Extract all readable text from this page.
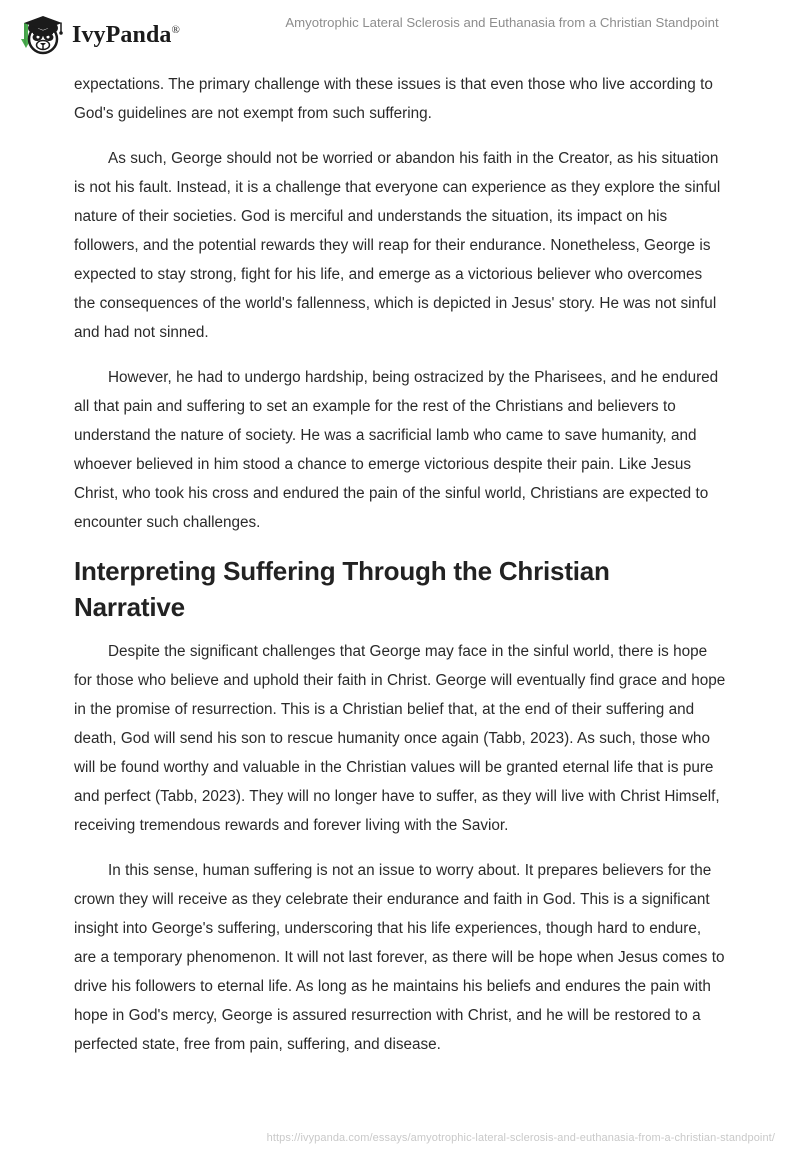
IvyPanda®	Amyotrophic Lateral Sclerosis and Euthanasia from a Christian Standpoint

expectations. The primary challenge with these issues is that even those who live according to God's guidelines are not exempt from such suffering.

As such, George should not be worried or abandon his faith in the Creator, as his situation is not his fault. Instead, it is a challenge that everyone can experience as they explore the sinful nature of their societies. God is merciful and understands the situation, its impact on his followers, and the potential rewards they will reap for their endurance. Nonetheless, George is expected to stay strong, fight for his life, and emerge as a victorious believer who overcomes the consequences of the world's fallenness, which is depicted in Jesus' story. He was not sinful and had not sinned.

However, he had to undergo hardship, being ostracized by the Pharisees, and he endured all that pain and suffering to set an example for the rest of the Christians and believers to understand the nature of society. He was a sacrificial lamb who came to save humanity, and whoever believed in him stood a chance to emerge victorious despite their pain. Like Jesus Christ, who took his cross and endured the pain of the sinful world, Christians are expected to encounter such challenges.

Interpreting Suffering Through the Christian Narrative

Despite the significant challenges that George may face in the sinful world, there is hope for those who believe and uphold their faith in Christ. George will eventually find grace and hope in the promise of resurrection. This is a Christian belief that, at the end of their suffering and death, God will send his son to rescue humanity once again (Tabb, 2023). As such, those who will be found worthy and valuable in the Christian values will be granted eternal life that is pure and perfect (Tabb, 2023). They will no longer have to suffer, as they will live with Christ Himself, receiving tremendous rewards and forever living with the Savior.

In this sense, human suffering is not an issue to worry about. It prepares believers for the crown they will receive as they celebrate their endurance and faith in God. This is a significant insight into George's suffering, underscoring that his life experiences, though hard to endure, are a temporary phenomenon. It will not last forever, as there will be hope when Jesus comes to drive his followers to eternal life. As long as he maintains his beliefs and endures the pain with hope in God's mercy, George is assured resurrection with Christ, and he will be restored to a perfected state, free from pain, suffering, and disease.

https://ivypanda.com/essays/amyotrophic-lateral-sclerosis-and-euthanasia-from-a-christian-standpoint/
